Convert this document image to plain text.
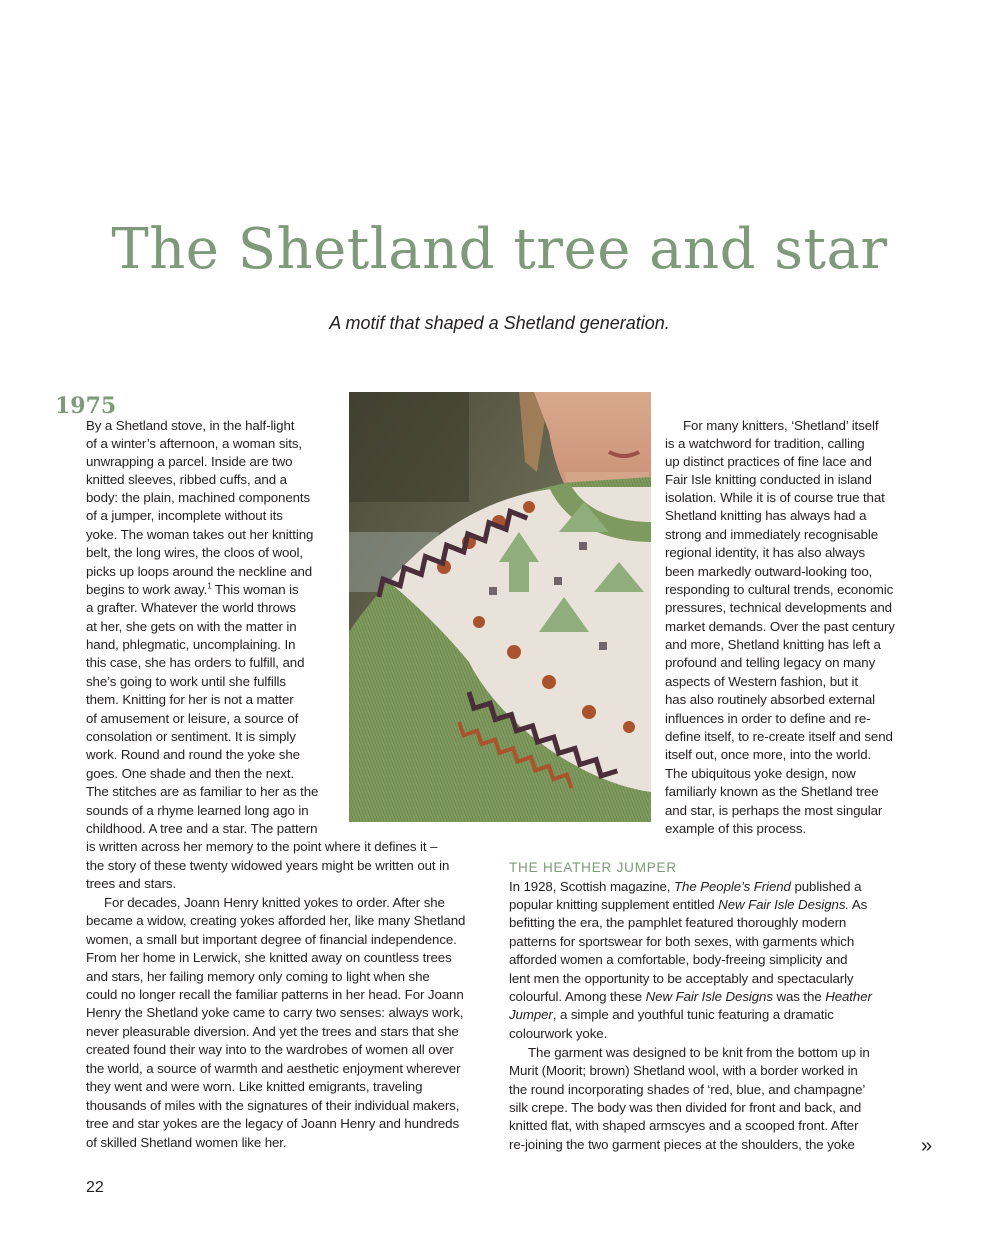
The Shetland tree and star

A motif that shaped a Shetland generation.

1975
By a Shetland stove, in the half-light
of a winter’s afternoon, a woman sits,
unwrapping a parcel. Inside are two
knitted sleeves, ribbed cuffs, and a
body: the plain, machined components
of a jumper, incomplete without its
yoke. The woman takes out her knitting
belt, the long wires, the cloos of wool,
picks up loops around the neckline and
begins to work away.$^1$ This woman is
a grafter. Whatever the world throws
at her, she gets on with the matter in
hand, phlegmatic, uncomplaining. In
this case, she has orders to fulfill, and
she’s going to work until she fulfills
them. Knitting for her is not a matter
of amusement or leisure, a source of
consolation or sentiment. It is simply
work. Round and round the yoke she
goes. One shade and then the next.
The stitches are as familiar to her as the
sounds of a rhyme learned long ago in
childhood. A tree and a star. The pattern
is written across her memory to the point where it defines it –
the story of these twenty widowed years might be written out in
trees and stars.
For decades, Joann Henry knitted yokes to order. After she
became a widow, creating yokes afforded her, like many Shetland
women, a small but important degree of financial independence.
From her home in Lerwick, she knitted away on countless trees
and stars, her failing memory only coming to light when she
could no longer recall the familiar patterns in her head. For Joann
Henry the Shetland yoke came to carry two senses: always work,
never pleasurable diversion. And yet the trees and stars that she
created found their way into to the wardrobes of women all over
the world, a source of warmth and aesthetic enjoyment wherever
they went and were worn. Like knitted emigrants, traveling
thousands of miles with the signatures of their individual makers,
tree and star yokes are the legacy of Joann Henry and hundreds
of skilled Shetland women like her.
For many knitters, ‘Shetland’ itself
is a watchword for tradition, calling
up distinct practices of fine lace and
Fair Isle knitting conducted in island
isolation. While it is of course true that
Shetland knitting has always had a
strong and immediately recognisable
regional identity, it has also always
been markedly outward-looking too,
responding to cultural trends, economic
pressures, technical developments and
market demands. Over the past century
and more, Shetland knitting has left a
profound and telling legacy on many
aspects of Western fashion, but it
has also routinely absorbed external
influences in order to define and re-
define itself, to re-create itself and send
itself out, once more, into the world.
The ubiquitous yoke design, now
familiarly known as the Shetland tree
and star, is perhaps the most singular
example of this process.
THE HEATHER JUMPER
In 1928, Scottish magazine, The People’s Friend published a
popular knitting supplement entitled New Fair Isle Designs. As
befitting the era, the pamphlet featured thoroughly modern
patterns for sportswear for both sexes, with garments which
afforded women a comfortable, body-freeing simplicity and
lent men the opportunity to be acceptably and spectacularly
colourful. Among these New Fair Isle Designs was the Heather
Jumper, a simple and youthful tunic featuring a dramatic
colourwork yoke.
The garment was designed to be knit from the bottom up in
Murit (Moorit; brown) Shetland wool, with a border worked in
the round incorporating shades of ‘red, blue, and champagne’
silk crepe. The body was then divided for front and back, and
knitted flat, with shaped armscyes and a scooped front. After
re-joining the two garment pieces at the shoulders, the yoke	»
22
